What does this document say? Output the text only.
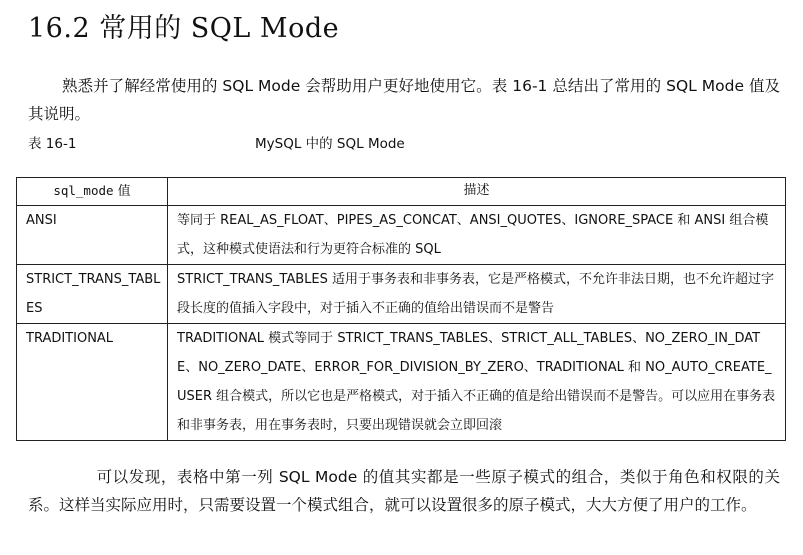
16.2 常用的 SQL Mode

熟悉并了解经常使用的 SQL Mode 会帮助用户更好地使用它。表 16-1 总结出了常用的 SQL Mode 值及其说明。

表 16-1	MySQL 中的 SQL Mode
sql_mode 值	描述
ANSI	等同于 REAL_AS_FLOAT、PIPES_AS_CONCAT、ANSI_QUOTES、IGNORE_SPACE 和 ANSI 组合模式，这种模式使语法和行为更符合标准的 SQL
STRICT_TRANS_TABLES	STRICT_TRANS_TABLES 适用于事务表和非事务表，它是严格模式，不允许非法日期，也不允许超过字段长度的值插入字段中，对于插入不正确的值给出错误而不是警告
TRADITIONAL	TRADITIONAL 模式等同于 STRICT_TRANS_TABLES、STRICT_ALL_TABLES、NO_ZERO_IN_DATE、NO_ZERO_DATE、ERROR_FOR_DIVISION_BY_ZERO、TRADITIONAL 和 NO_AUTO_CREATE_USER 组合模式，所以它也是严格模式，对于插入不正确的值是给出错误而不是警告。可以应用在事务表和非事务表，用在事务表时，只要出现错误就会立即回滚

可以发现，表格中第一列 SQL Mode 的值其实都是一些原子模式的组合，类似于角色和权限的关系。这样当实际应用时，只需要设置一个模式组合，就可以设置很多的原子模式，大大方便了用户的工作。
